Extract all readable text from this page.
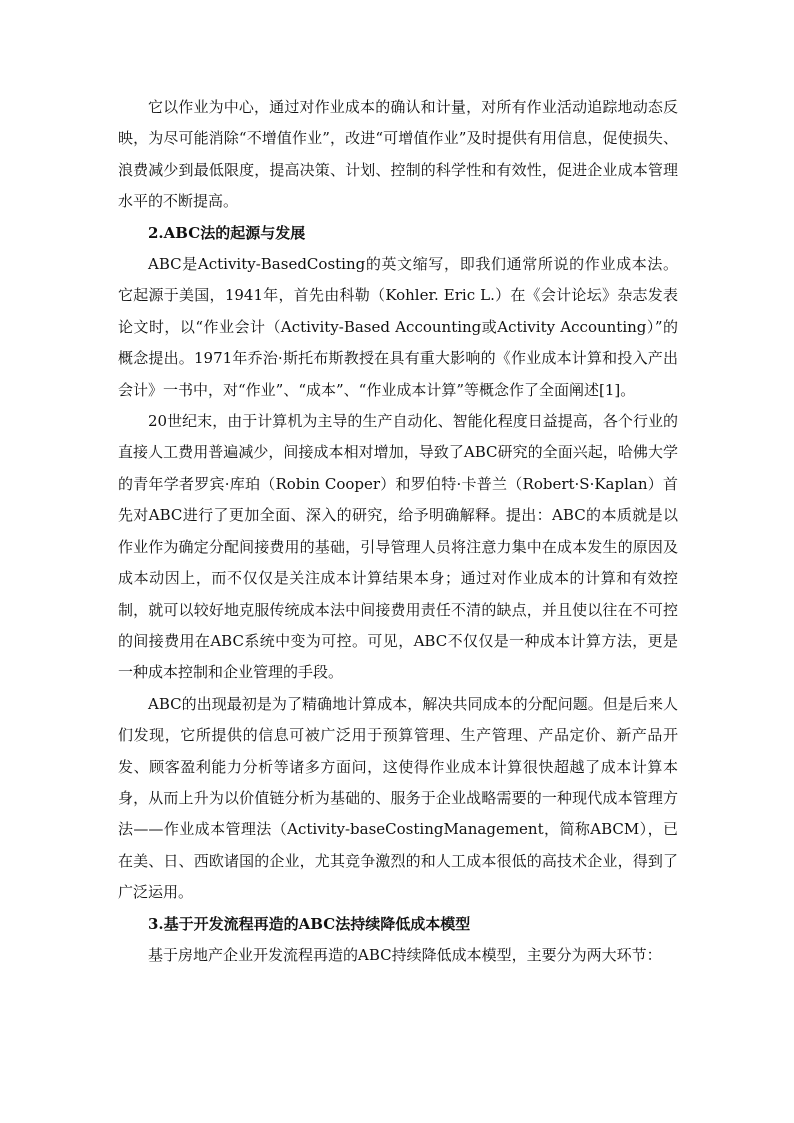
它以作业为中心，通过对作业成本的确认和计量，对所有作业活动追踪地动态反映，为尽可能消除“不增值作业”，改进“可增值作业”及时提供有用信息，促使损失、浪费减少到最低限度，提高决策、计划、控制的科学性和有效性，促进企业成本管理水平的不断提高。

2.ABC法的起源与发展

ABC是Activity-BasedCosting的英文缩写，即我们通常所说的作业成本法。它起源于美国，1941年，首先由科勒（Kohler. Eric L.）在《会计论坛》杂志发表论文时，以“作业会计（Activity-Based Accounting或Activity Accounting）”的概念提出。1971年乔治·斯托布斯教授在具有重大影响的《作业成本计算和投入产出会计》一书中，对“作业”、“成本”、“作业成本计算”等概念作了全面阐述[1]。

20世纪末，由于计算机为主导的生产自动化、智能化程度日益提高，各个行业的直接人工费用普遍减少，间接成本相对增加，导致了ABC研究的全面兴起，哈佛大学的青年学者罗宾·库珀（Robin Cooper）和罗伯特·卡普兰（Robert·S·Kaplan）首先对ABC进行了更加全面、深入的研究，给予明确解释。提出：ABC的本质就是以作业作为确定分配间接费用的基础，引导管理人员将注意力集中在成本发生的原因及成本动因上，而不仅仅是关注成本计算结果本身；通过对作业成本的计算和有效控制，就可以较好地克服传统成本法中间接费用责任不清的缺点，并且使以往在不可控的间接费用在ABC系统中变为可控。可见，ABC不仅仅是一种成本计算方法，更是一种成本控制和企业管理的手段。

ABC的出现最初是为了精确地计算成本，解决共同成本的分配问题。但是后来人们发现，它所提供的信息可被广泛用于预算管理、生产管理、产品定价、新产品开发、顾客盈利能力分析等诸多方面问，这使得作业成本计算很快超越了成本计算本身，从而上升为以价值链分析为基础的、服务于企业战略需要的一种现代成本管理方法——作业成本管理法（Activity-baseCostingManagement，简称ABCM），已在美、日、西欧诸国的企业，尤其竞争激烈的和人工成本很低的高技术企业，得到了广泛运用。

3.基于开发流程再造的ABC法持续降低成本模型

基于房地产企业开发流程再造的ABC持续降低成本模型，主要分为两大环节：
